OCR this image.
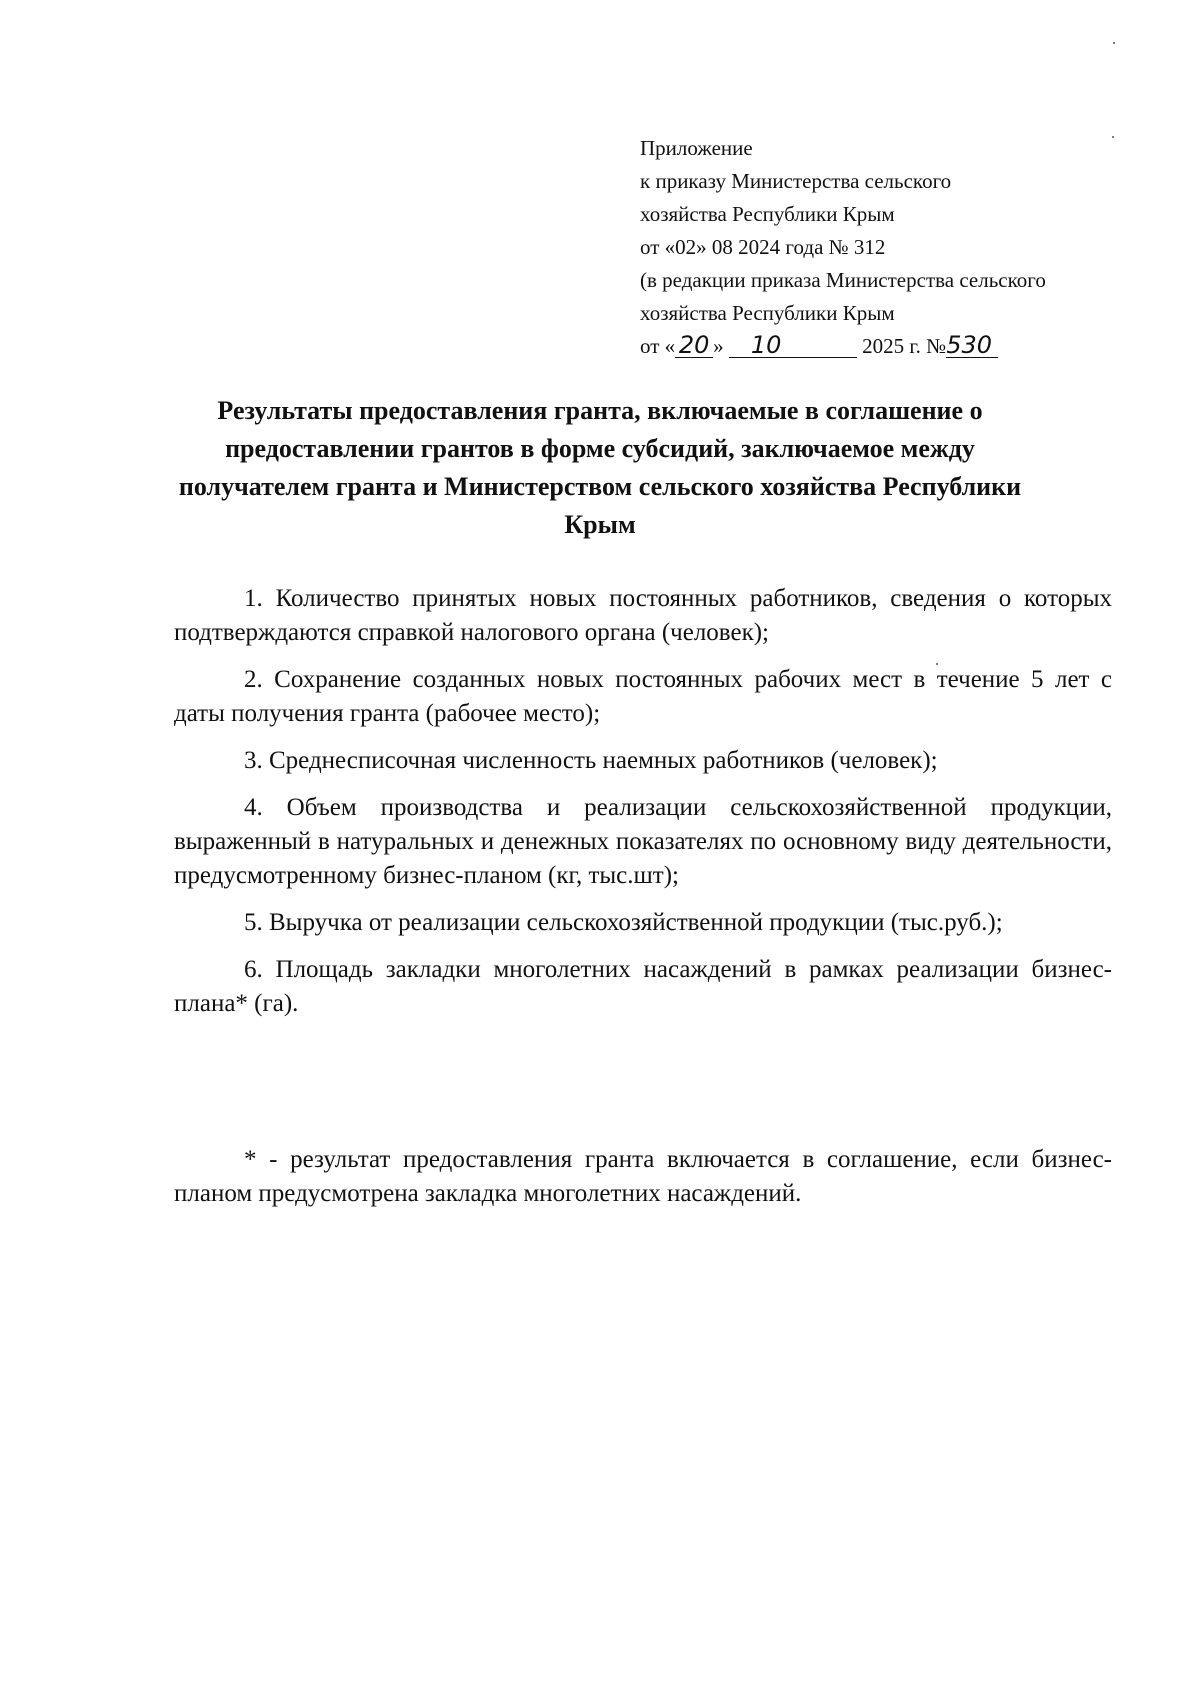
Приложение
к приказу Министерства сельского
хозяйства Республики Крым
от «02» 08 2024 года № 312
(в редакции приказа Министерства сельского
хозяйства Республики Крым
от « 20 » 10	2025 г. №530
Результаты предоставления гранта, включаемые в соглашение о предоставлении грантов в форме субсидий, заключаемое между получателем гранта и Министерством сельского хозяйства Республики Крым

1. Количество принятых новых постоянных работников, сведения о которых подтверждаются справкой налогового органа (человек);

2. Сохранение созданных новых постоянных рабочих мест в течение 5 лет с даты получения гранта (рабочее место);

3. Среднесписочная численность наемных работников (человек);

4. Объем производства и реализации сельскохозяйственной продукции, выраженный в натуральных и денежных показателях по основному виду деятельности, предусмотренному бизнес-планом (кг, тыс.шт);

5. Выручка от реализации сельскохозяйственной продукции (тыс.руб.);

6. Площадь закладки многолетних насаждений в рамках реализации бизнес-плана* (га).

* - результат предоставления гранта включается в соглашение, если бизнес-планом предусмотрена закладка многолетних насаждений.
